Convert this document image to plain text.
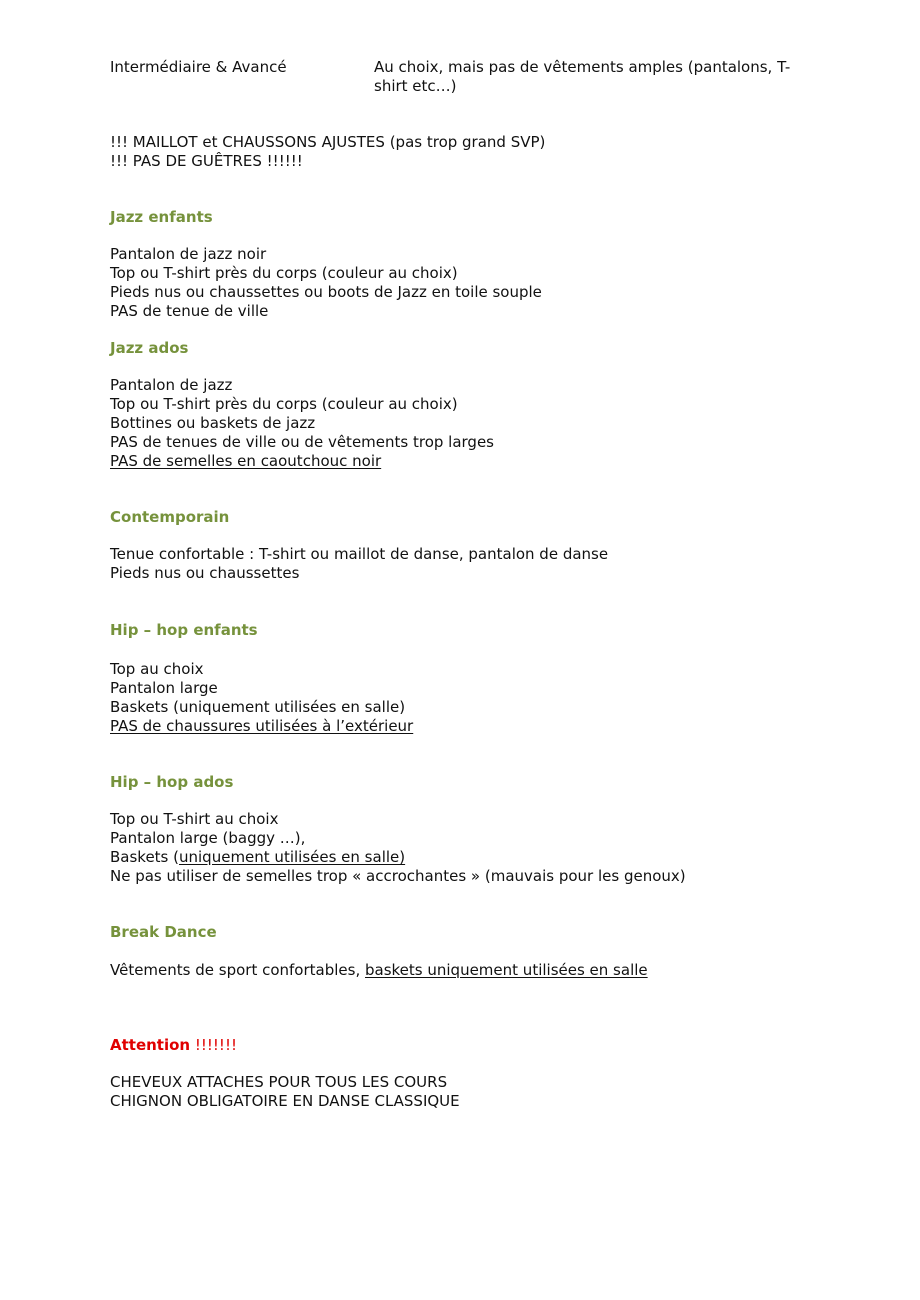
Intermédiaire & Avancé	Au choix, mais pas de vêtements amples (pantalons, T-
shirt etc…)
!!! MAILLOT et CHAUSSONS AJUSTES (pas trop grand SVP)
!!! PAS DE GUÊTRES !!!!!!
Jazz enfants
Pantalon de jazz noir
Top ou T-shirt près du corps (couleur au choix)
Pieds nus ou chaussettes ou boots de Jazz en toile souple
PAS de tenue de ville
Jazz ados
Pantalon de jazz
Top ou T-shirt près du corps (couleur au choix)
Bottines ou baskets de jazz
PAS de tenues de ville ou de vêtements trop larges
PAS de semelles en caoutchouc noir
Contemporain
Tenue confortable : T-shirt ou maillot de danse, pantalon de danse
Pieds nus ou chaussettes
Hip – hop enfants
Top au choix
Pantalon large
Baskets (uniquement utilisées en salle)
PAS de chaussures utilisées à l’extérieur
Hip – hop ados
Top ou T-shirt au choix
Pantalon large (baggy …),
Baskets (uniquement utilisées en salle)
Ne pas utiliser de semelles trop « accrochantes » (mauvais pour les genoux)
Break Dance
Vêtements de sport confortables, baskets uniquement utilisées en salle
Attention !!!!!!!
CHEVEUX ATTACHES POUR TOUS LES COURS
CHIGNON OBLIGATOIRE EN DANSE CLASSIQUE
